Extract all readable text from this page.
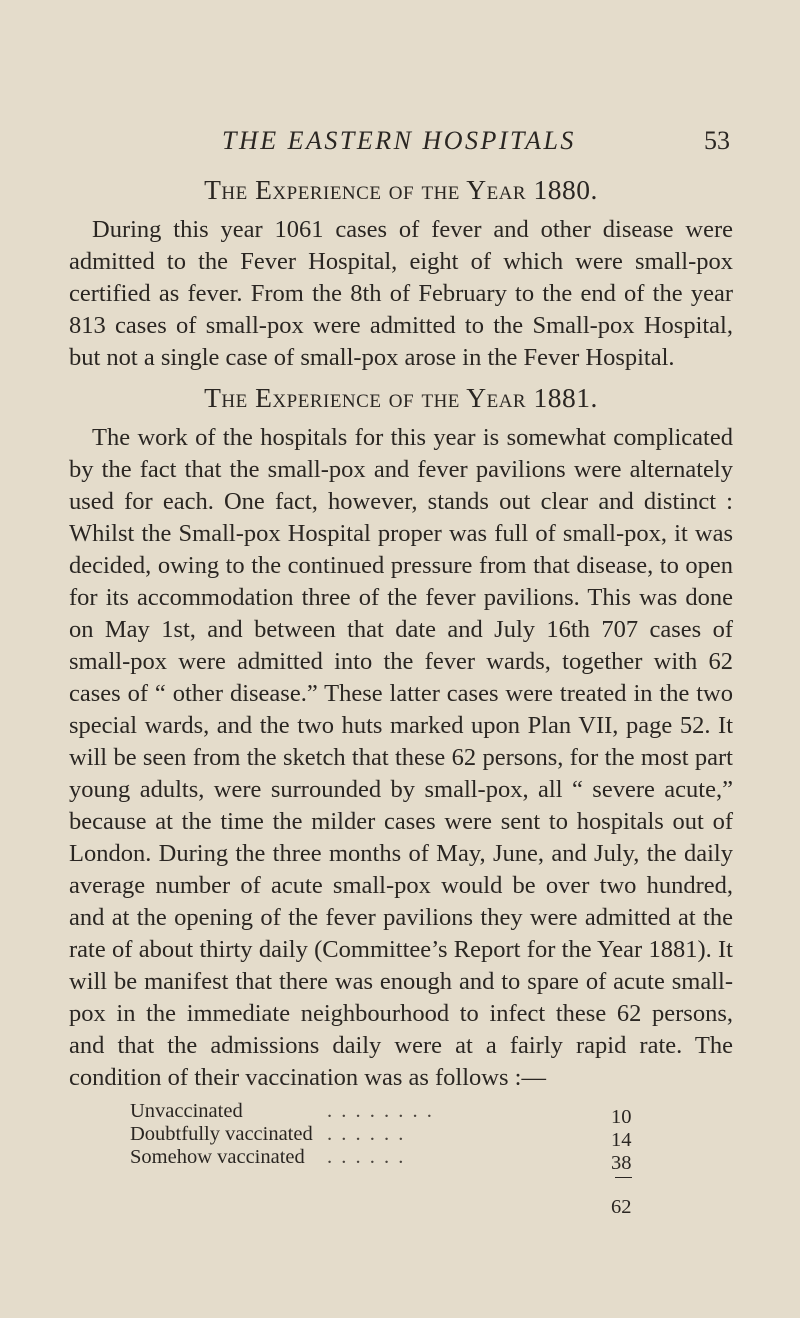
THE EASTERN HOSPITALS	53
The Experience of the Year 1880.

During this year 1061 cases of fever and other disease were admitted to the Fever Hospital, eight of which were small-pox certified as fever. From the 8th of February to the end of the year 813 cases of small-pox were admitted to the Small-pox Hospital, but not a single case of small-pox arose in the Fever Hospital.

The Experience of the Year 1881.

The work of the hospitals for this year is somewhat complicated by the fact that the small-pox and fever pavilions were alternately used for each. One fact, however, stands out clear and distinct : Whilst the Small-pox Hospital proper was full of small-pox, it was decided, owing to the continued pressure from that disease, to open for its accommodation three of the fever pavilions. This was done on May 1st, and between that date and July 16th 707 cases of small-pox were admitted into the fever wards, together with 62 cases of “ other disease.” These latter cases were treated in the two special wards, and the two huts marked upon Plan VII, page 52. It will be seen from the sketch that these 62 persons, for the most part young adults, were surrounded by small-pox, all “ severe acute,” because at the time the milder cases were sent to hospitals out of London. During the three months of May, June, and July, the daily average number of acute small-pox would be over two hundred, and at the opening of the fever pavilions they were admitted at the rate of about thirty daily (Committee’s Report for the Year 1881). It will be manifest that there was enough and to spare of acute small-pox in the immediate neighbourhood to infect these 62 persons, and that the admissions daily were at a fairly rapid rate. The condition of their vaccination was as follows :—

Unvaccinated	. . . . . . . .	10
Doubtfully vaccinated . . . . . .	14
Somehow vaccinated . . . . . .	38
62
